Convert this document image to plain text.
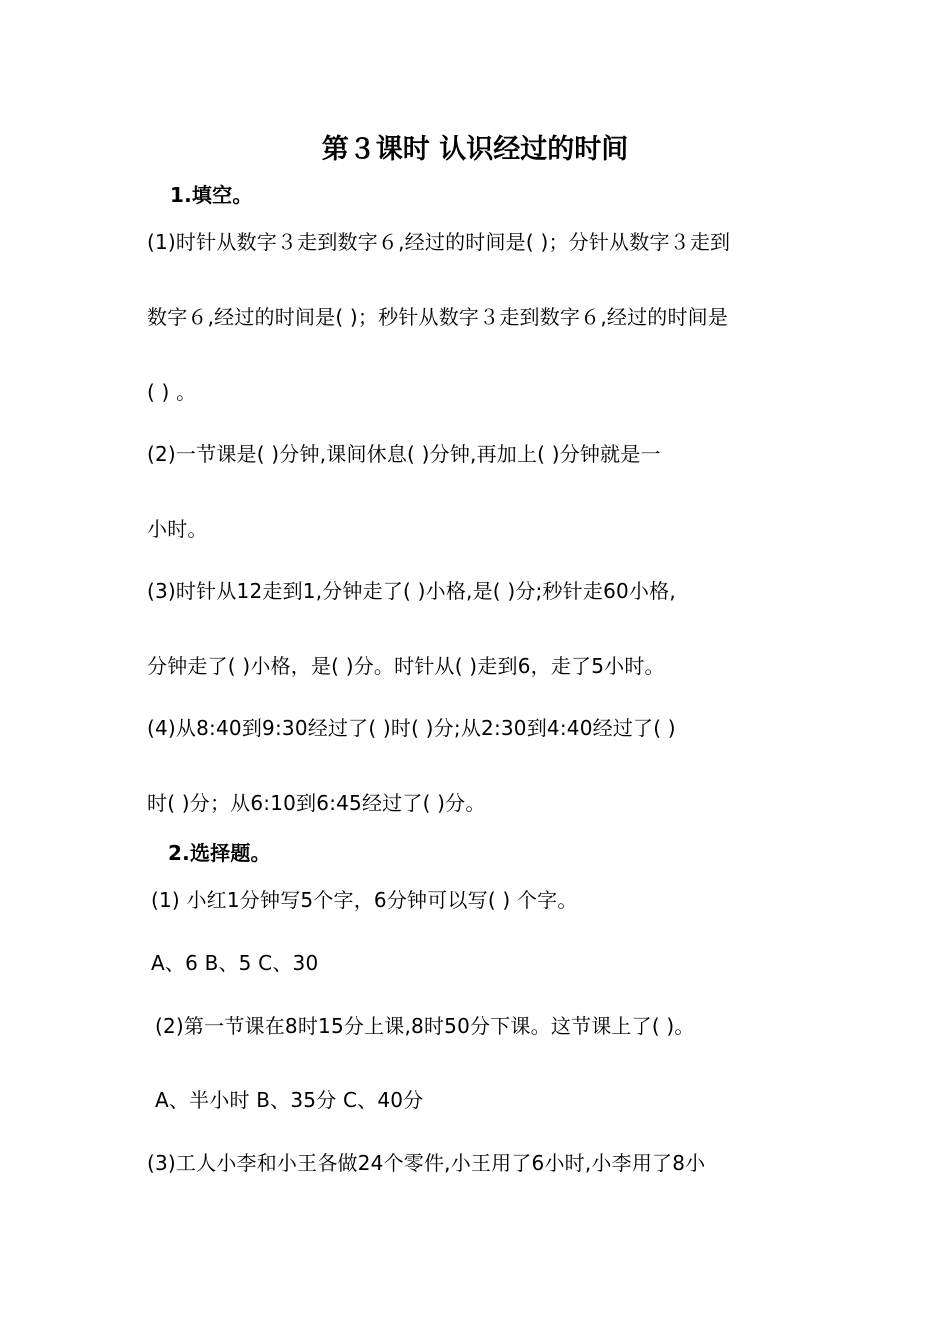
第３课时 认识经过的时间
1.填空。
(1)时针从数字３走到数字６,经过的时间是( )；分针从数字３走到
数字６,经过的时间是( )；秒针从数字３走到数字６,经过的时间是
( ) 。
(2)一节课是( )分钟,课间休息( )分钟,再加上( )分钟就是一
小时。
(3)时针从12走到1,分钟走了( )小格,是( )分;秒针走60小格,
分钟走了( )小格，是( )分。时针从( )走到6，走了5小时。
(4)从8:40到9:30经过了( )时( )分;从2:30到4:40经过了( )
时( )分；从6:10到6:45经过了( )分。
2.选择题。
(1) 小红1分钟写5个字，6分钟可以写( ) 个字。
A、6 B、5 C、30
(2)第一节课在8时15分上课,8时50分下课。这节课上了( )。
A、半小时 B、35分 C、40分
(3)工人小李和小王各做24个零件,小王用了6小时,小李用了8小
